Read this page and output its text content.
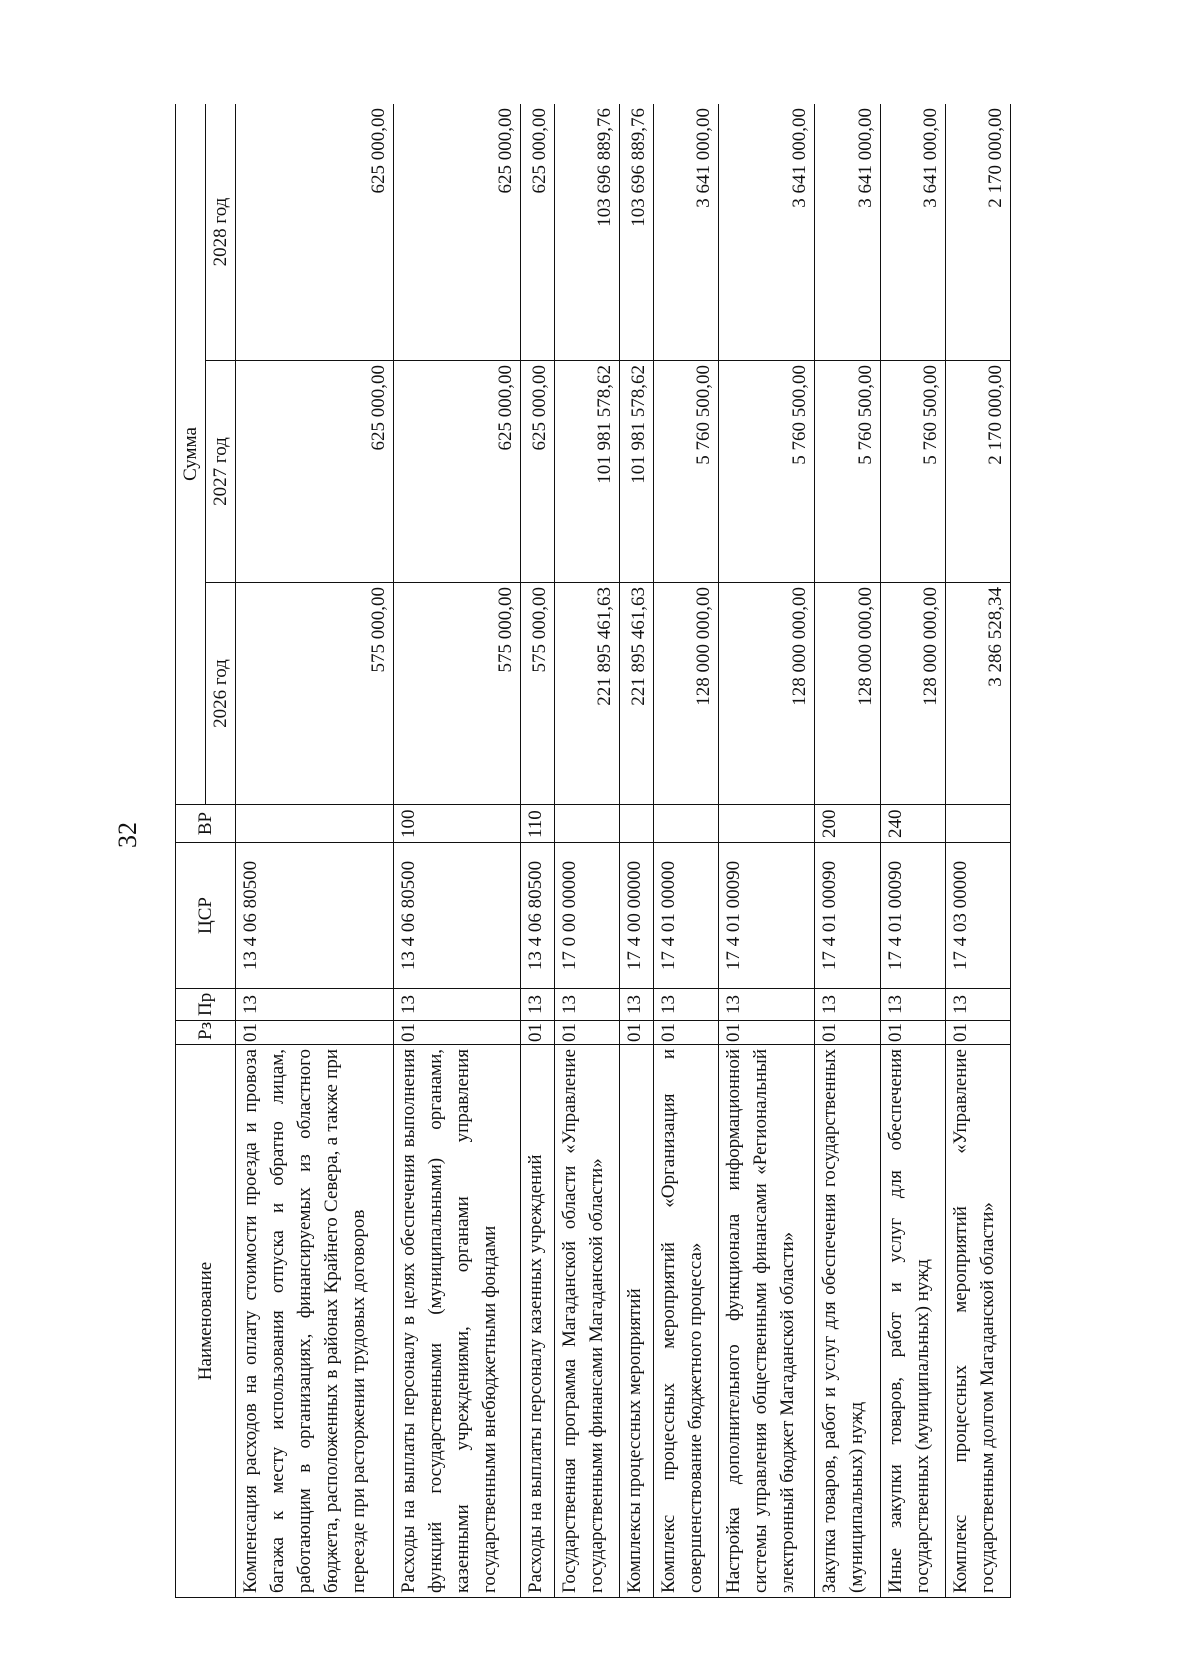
32
Наименование	Рз	Пр	ЦСР	ВР	Сумма		
					2026 год	2027 год	2028 год
Компенсация расходов на оплату стоимости проезда и провоза багажа к месту использования отпуска и обратно лицам, работающим в организациях, финансируемых из областного бюджета, расположенных в районах Крайнего Севера, а также при переезде при расторжении трудовых договоров	01	13	13 4 06 80500		575 000,00	625 000,00	625 000,00
Расходы на выплаты персоналу в целях обеспечения выполнения функций государственными (муниципальными) органами, казенными учреждениями, органами управления государственными внебюджетными фондами	01	13	13 4 06 80500	100	575 000,00	625 000,00	625 000,00
Расходы на выплаты персоналу казенных учреждений	01	13	13 4 06 80500	110	575 000,00	625 000,00	625 000,00
Государственная программа Магаданской области «Управление государственными финансами Магаданской области»	01	13	17 0 00 00000		221 895 461,63	101 981 578,62	103 696 889,76
Комплексы процессных мероприятий	01	13	17 4 00 00000		221 895 461,63	101 981 578,62	103 696 889,76
Комплекс процессных мероприятий «Организация и совершенствование бюджетного процесса»	01	13	17 4 01 00000		128 000 000,00	5 760 500,00	3 641 000,00
Настройка дополнительного функционала информационной системы управления общественными финансами «Региональный электронный бюджет Магаданской области»	01	13	17 4 01 00090		128 000 000,00	5 760 500,00	3 641 000,00
Закупка товаров, работ и услуг для обеспечения государственных (муниципальных) нужд	01	13	17 4 01 00090	200	128 000 000,00	5 760 500,00	3 641 000,00
Иные закупки товаров, работ и услуг для обеспечения государственных (муниципальных) нужд	01	13	17 4 01 00090	240	128 000 000,00	5 760 500,00	3 641 000,00
Комплекс процессных мероприятий «Управление государственным долгом Магаданской области»	01	13	17 4 03 00000		3 286 528,34	2 170 000,00	2 170 000,00
